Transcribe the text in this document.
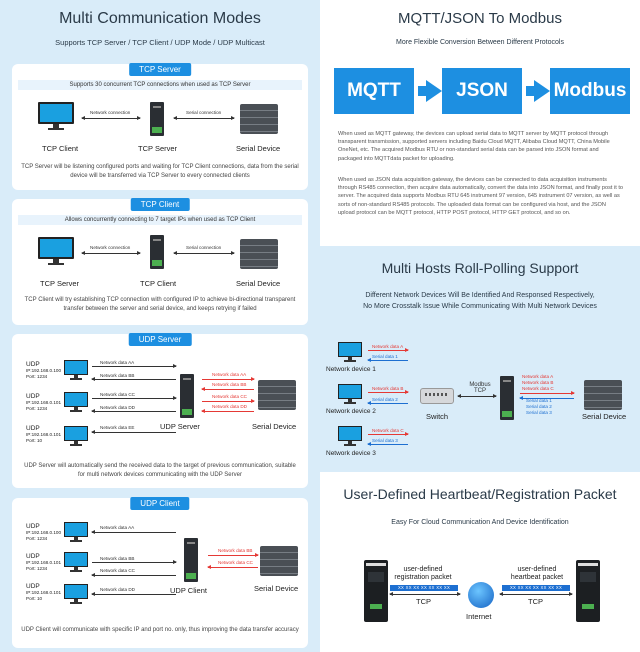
Multi Communication Modes
Supports TCP Server / TCP Client / UDP Mode / UDP Multicast
TCP Server
Supports 30 concurrent TCP connections when used as TCP Server
Network connection	Serial connection
TCP Client	TCP Server	Serial Device
TCP Server will be listening configured ports and waiting for TCP Client connections, data from the serial device will be transferred via TCP Server to every connected clients
TCP Client
Allows concurrently connecting to 7 target IPs when used as TCP Client
Network connection	Serial connection
TCP Server	TCP Client	Serial Device
TCP Client will try establishing TCP connection with configured IP to achieve bi-directional transparent transfer between the server and serial device, and keeps retrying if failed
UDP Server
UDP
IP:192.168.0.100
Port: 1234
Network data AA
Network data BB
UDP
IP:192.168.0.101
Port: 1234
Network data CC
Network data DD
UDP
IP:192.168.0.101
Port: 10
Network data EE
Network data AA
Network data BB
Network data CC
Network data DD
UDP Server	Serial Device
UDP Server will automatically send the received data to the target of previous communication, suitable for multi network devices communicating with the UDP Server
UDP Client
UDP
IP:192.168.0.100
Port: 1234
Network data AA
UDP
IP:192.168.0.101
Port: 1234
Network data BB
Network data CC
UDP
IP:192.168.0.101
Port: 10
Network data DD
Network data BB
Network data CC
UDP Client	Serial Device
UDP Client will communicate with specific IP and port no. only, thus improving the data transfer accuracy
MQTT/JSON To Modbus
More Flexible Conversion Between Different Protocols
MQTT	JSON	Modbus
When used as MQTT gateway, the devices can upload serial data to MQTT server by MQTT protocol through transparent transmission, supported servers including Baidu Cloud MQTT, Alibaba Cloud MQTT, China Mobile OneNet, etc. The acquired Modbus RTU or non-standard serial data can be parsed into JSON format and packaged into MQTTdata packet for uploading.
When used as JSON data acquisition gateway, the devices can be connected to data acquisition instruments through RS485 connection, then acquire data automatically, convert the data into JSON format, and finally post it to server. The acquired data supports Modbus RTU 645 instrument 97 version, 645 instrument 07 version, as well as sorts of non-standard RS485 protocols. The uploaded data format can be configured via host, and the JSON upload protocol can be MQTT protocol, HTTP POST protocol, HTTP GET protocol, and so on.
Multi Hosts Roll-Polling Support
Different Network Devices Will Be Identified And Responsed Respectively,
No More Crosstalk Issue While Communicating With Multi Network Devices
Network device 1
Network data A
Serial data 1
Network device 2
Network data B
Serial data 2
Network device 3
Network data C
Serial data 3
Switch
Modbus TCP
Network data A
Network data B
Network data C
Serial data 1
Serial data 2
Serial data 3	Serial Device
User-Defined Heartbeat/Registration Packet
Easy For Cloud Communication And Device Identification
user-defined registration packet
XX XX XX XX XX XX XX
TCP
Internet
user-defined heartbeat packet
XX XX XX XX XX XX XX
TCP
